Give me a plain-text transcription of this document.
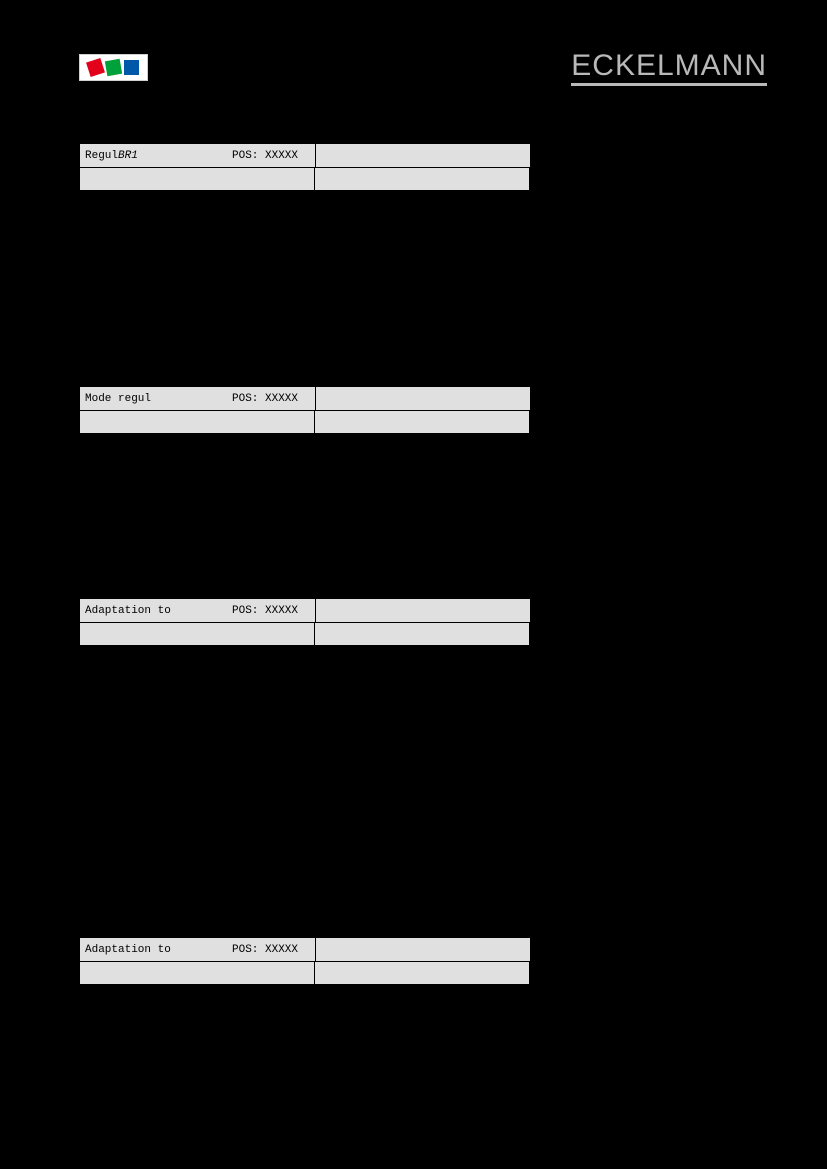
ECKELMANN
Regul BR1	POS: XXXXX	Entrée	Valeur consignée / unité
FR+	FR-	HP	Unité
Mode regul	POS: XXXXX	Entrée	Valeur consignée / unité
FR+	FR-	HP	Unité
Adaptation to	POS: XXXXX	Entrée	Valeur consignée / unité
FR+	FR-	HP	Dim.
Adaptation to	POS: XXXXX	Entrée	Valeur consignée / unité
FR+	FR-	HP	Dim.
